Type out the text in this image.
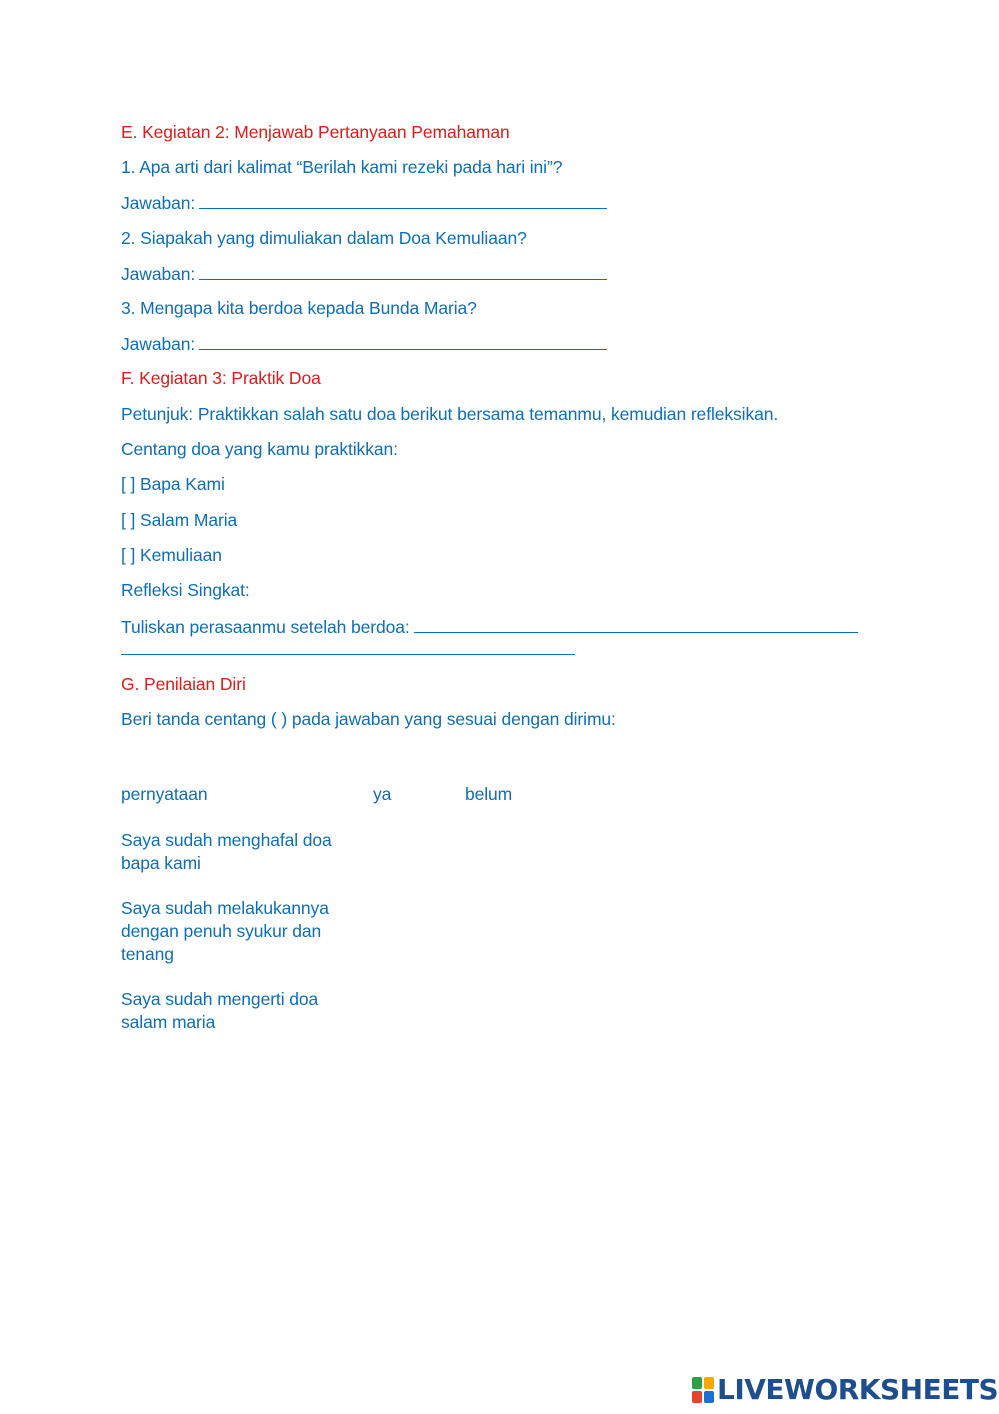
E. Kegiatan 2: Menjawab Pertanyaan Pemahaman
1. Apa arti dari kalimat “Berilah kami rezeki pada hari ini”?
Jawaban:
2. Siapakah yang dimuliakan dalam Doa Kemuliaan?
Jawaban:
3. Mengapa kita berdoa kepada Bunda Maria?
Jawaban:
F. Kegiatan 3: Praktik Doa
Petunjuk: Praktikkan salah satu doa berikut bersama temanmu, kemudian refleksikan.
Centang doa yang kamu praktikkan:
[ ] Bapa Kami
[ ] Salam Maria
[ ] Kemuliaan
Refleksi Singkat:
Tuliskan perasaanmu setelah berdoa:
G. Penilaian Diri
Beri tanda centang ( ) pada jawaban yang sesuai dengan dirimu:
pernyataan	ya	belum
Saya sudah menghafal doa bapa kami
Saya sudah melakukannya dengan penuh syukur dan tenang
Saya sudah mengerti doa salam maria
LIVEWORKSHEETS
